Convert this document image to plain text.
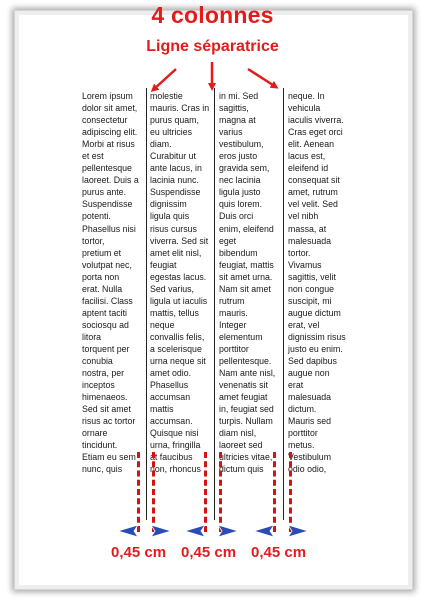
4 colonnes
Ligne séparatrice
Lorem ipsum
dolor sit amet,
consectetur
adipiscing elit.
Morbi at risus
et est
pellentesque
laoreet. Duis a
purus ante.
Suspendisse
potenti.
Phasellus nisi
tortor,
pretium et
volutpat nec,
porta non
erat. Nulla
facilisi. Class
aptent taciti
sociosqu ad
litora
torquent per
conubia
nostra, per
inceptos
himenaeos.
Sed sit amet
risus ac tortor
ornare
tincidunt.
Etiam eu sem
nunc, quis
molestie
mauris. Cras in
purus quam,
eu ultricies
diam.
Curabitur ut
ante lacus, in
lacinia nunc.
Suspendisse
dignissim
ligula quis
risus cursus
viverra. Sed sit
amet elit nisl,
feugiat
egestas lacus.
Sed varius,
ligula ut iaculis
mattis, tellus
neque
convallis felis,
a scelerisque
urna neque sit
amet odio.
Phasellus
accumsan
mattis
accumsan.
Quisque nisi
urna, fringilla
at faucibus
non, rhoncus
in mi. Sed
sagittis,
magna at
varius
vestibulum,
eros justo
gravida sem,
nec lacinia
ligula justo
quis lorem.
Duis orci
enim, eleifend
eget
bibendum
feugiat, mattis
sit amet urna.
Nam sit amet
rutrum
mauris.
Integer
elementum
porttitor
pellentesque.
Nam ante nisl,
venenatis sit
amet feugiat
in, feugiat sed
turpis. Nullam
diam nisl,
laoreet sed
ultricies vitae,
dictum quis
neque. In
vehicula
iaculis viverra.
Cras eget orci
elit. Aenean
lacus est,
eleifend id
consequat sit
amet, rutrum
vel velit. Sed
vel nibh
massa, at
malesuada
tortor.
Vivamus
sagittis, velit
non congue
suscipit, mi
augue dictum
erat, vel
dignissim risus
justo eu enim.
Sed dapibus
augue non
erat
malesuada
dictum.
Mauris sed
porttitor
metus.
Vestibulum
odio odio,
0,45 cm 0,45 cm 0,45 cm
